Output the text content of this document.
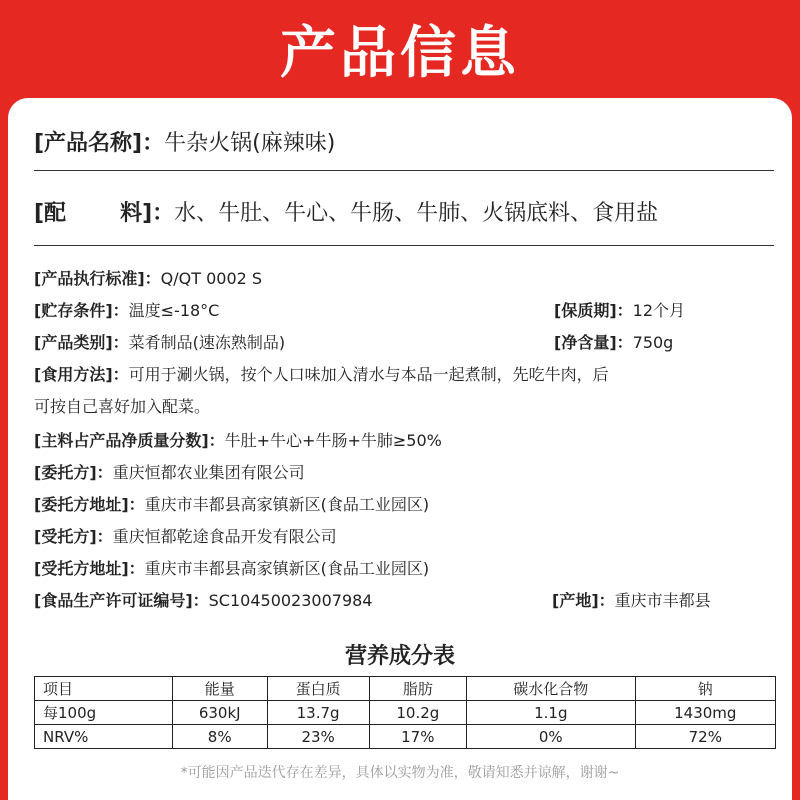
产品信息
[产品名称]：牛杂火锅(麻辣味)
[配 料]：水、牛肚、牛心、牛肠、牛肺、火锅底料、食用盐
[产品执行标准]：Q/QT 0002 S
[贮存条件]：温度≤-18°C	[保质期]：12个月
[产品类别]：菜肴制品(速冻熟制品)	[净含量]：750g
[食用方法]：可用于涮火锅，按个人口味加入清水与本品一起煮制，先吃牛肉，后
可按自己喜好加入配菜。
[主料占产品净质量分数]：牛肚+牛心+牛肠+牛肺≥50%
[委托方]：重庆恒都农业集团有限公司
[委托方地址]：重庆市丰都县高家镇新区(食品工业园区)
[受托方]：重庆恒都乾途食品开发有限公司
[受托方地址]：重庆市丰都县高家镇新区(食品工业园区)
[食品生产许可证编号]：SC10450023007984	[产地]：重庆市丰都县
营养成分表
项目	能量	蛋白质	脂肪	碳水化合物	钠
每100g	630kJ	13.7g	10.2g	1.1g	1430mg
NRV%	8%	23%	17%	0%	72%
*可能因产品迭代存在差异，具体以实物为准，敬请知悉并谅解，谢谢~
